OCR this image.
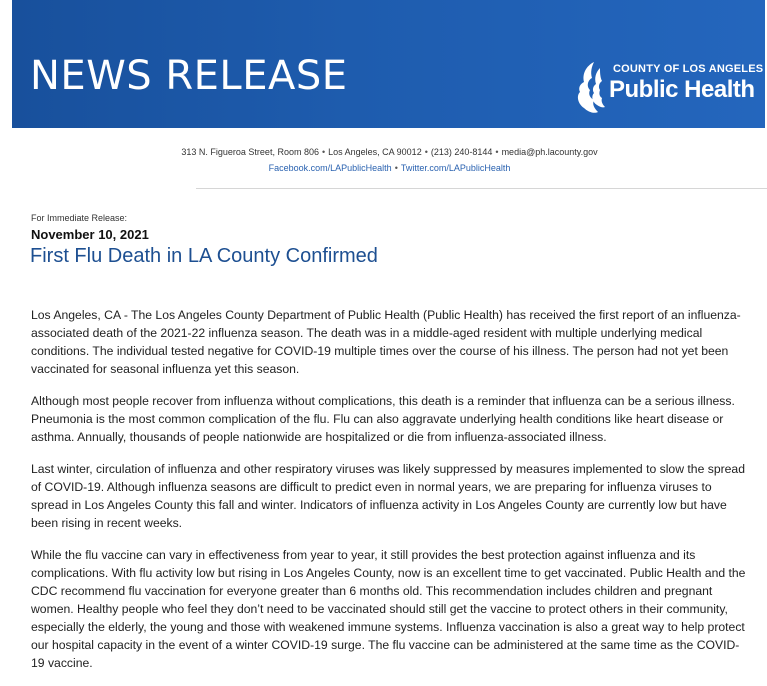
NEWS RELEASE	COUNTY OF LOS ANGELES
Public Health
313 N. Figueroa Street, Room 806 • Los Angeles, CA 90012 • (213) 240-8144 • media@ph.lacounty.gov
Facebook.com/LAPublicHealth • Twitter.com/LAPublicHealth
For Immediate Release:
November 10, 2021
First Flu Death in LA County Confirmed

Los Angeles, CA - The Los Angeles County Department of Public Health (Public Health) has received the first report of an influenza-associated death of the 2021-22 influenza season. The death was in a middle-aged resident with multiple underlying medical conditions. The individual tested negative for COVID-19 multiple times over the course of his illness. The person had not yet been vaccinated for seasonal influenza yet this season.

Although most people recover from influenza without complications, this death is a reminder that influenza can be a serious illness. Pneumonia is the most common complication of the flu. Flu can also aggravate underlying health conditions like heart disease or asthma. Annually, thousands of people nationwide are hospitalized or die from influenza-associated illness.

Last winter, circulation of influenza and other respiratory viruses was likely suppressed by measures implemented to slow the spread of COVID-19. Although influenza seasons are difficult to predict even in normal years, we are preparing for influenza viruses to spread in Los Angeles County this fall and winter. Indicators of influenza activity in Los Angeles County are currently low but have been rising in recent weeks.

While the flu vaccine can vary in effectiveness from year to year, it still provides the best protection against influenza and its complications. With flu activity low but rising in Los Angeles County, now is an excellent time to get vaccinated. Public Health and the CDC recommend flu vaccination for everyone greater than 6 months old. This recommendation includes children and pregnant women. Healthy people who feel they don’t need to be vaccinated should still get the vaccine to protect others in their community, especially the elderly, the young and those with weakened immune systems. Influenza vaccination is also a great way to help protect our hospital capacity in the event of a winter COVID-19 surge. The flu vaccine can be administered at the same time as the COVID-19 vaccine.
